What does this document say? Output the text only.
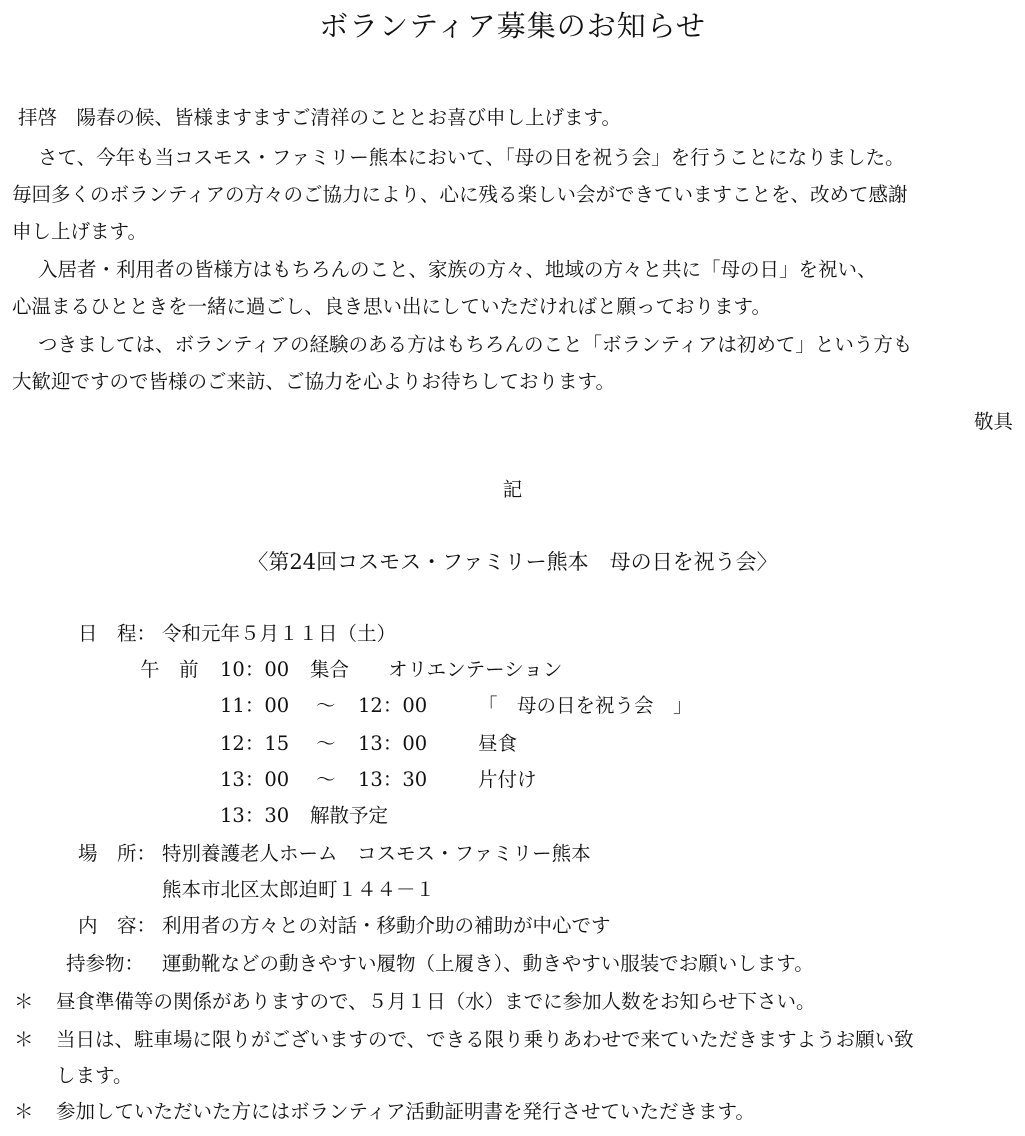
ボランティア募集のお知らせ
拝啓　陽春の候、皆様ますますご清祥のこととお喜び申し上げます。
さて、今年も当コスモス・ファミリー熊本において、「母の日を祝う会」を行うことになりました。
毎回多くのボランティアの方々のご協力により、心に残る楽しい会ができていますことを、改めて感謝
申し上げます。
入居者・利用者の皆様方はもちろんのこと、家族の方々、地域の方々と共に「母の日」を祝い、
心温まるひとときを一緒に過ごし、良き思い出にしていただければと願っております。
つきましては、ボランティアの経験のある方はもちろんのこと「ボランティアは初めて」という方も
大歓迎ですので皆様のご来訪、ご協力を心よりお待ちしております。
敬具
記
〈第24回コスモス・ファミリー熊本　母の日を祝う会〉
日　程： 令和元年５月１１日（土）
午　前 10：00 集合　　オリエンテーション
11：00 ～ 12：00	「　母の日を祝う会　」
12：15 ～ 13：00	昼食
13：00 ～ 13：30	片付け
13：30 解散予定
場　所： 特別養護老人ホーム　コスモス・ファミリー熊本
熊本市北区太郎迫町１４４－１
内　容： 利用者の方々との対話・移動介助の補助が中心です
持参物： 運動靴などの動きやすい履物（上履き）、動きやすい服装でお願いします。
＊ 昼食準備等の関係がありますので、５月１日（水）までに参加人数をお知らせ下さい。
＊ 当日は、駐車場に限りがございますので、できる限り乗りあわせで来ていただきますようお願い致
します。
＊ 参加していただいた方にはボランティア活動証明書を発行させていただきます。
